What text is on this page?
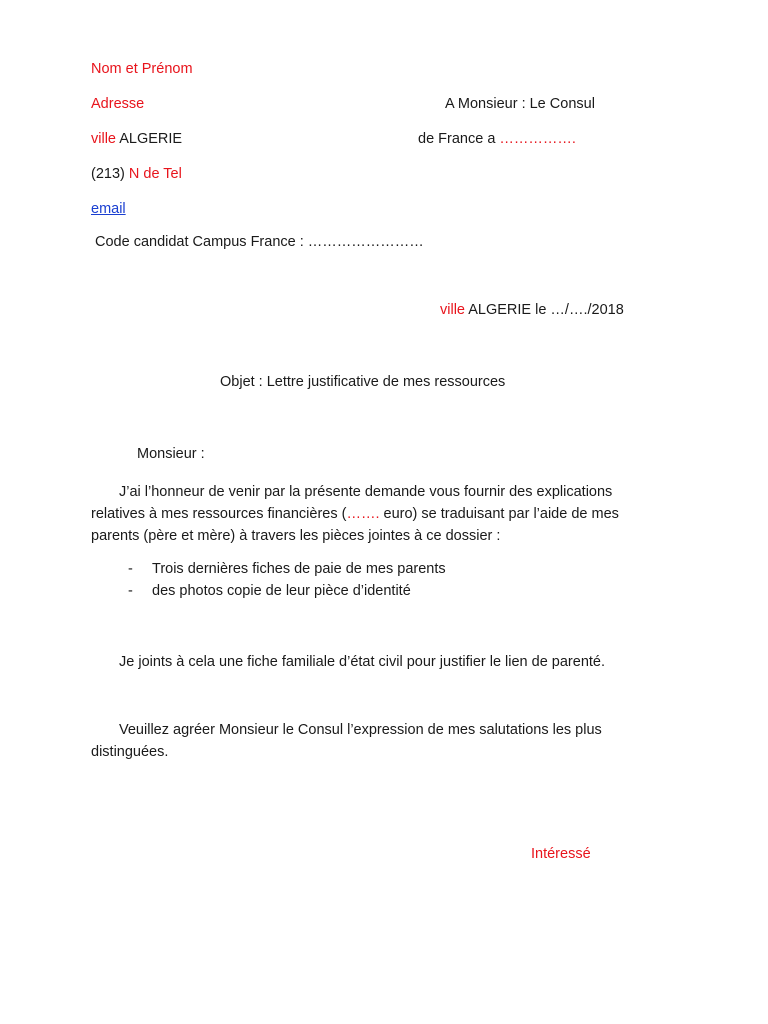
Nom et Prénom
Adresse
ville ALGERIE
(213) N de Tel
email
Code candidat Campus France : ……………………
A Monsieur : Le Consul
de France a …………….
ville ALGERIE le …/…./2018
Objet : Lettre justificative de mes ressources
Monsieur :
J’ai l’honneur de venir par la présente demande vous fournir des explications relatives à mes ressources financières (……. euro) se traduisant par l’aide de mes parents (père et mère) à travers les pièces jointes à ce dossier :
- Trois dernières fiches de paie de mes parents
- des photos copie de leur pièce d’identité
Je joints à cela une fiche familiale d’état civil pour justifier le lien de parenté.
Veuillez agréer Monsieur le Consul l’expression de mes salutations les plus distinguées.
Intéressé
